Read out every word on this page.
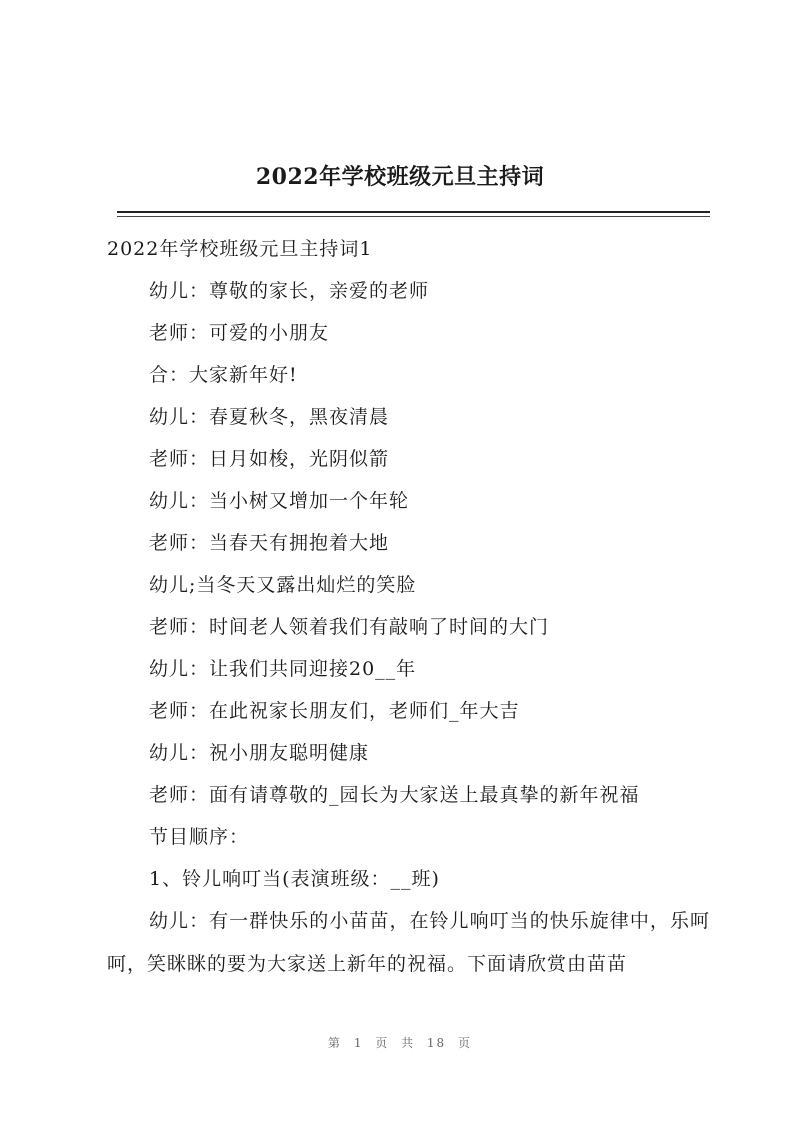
2022年学校班级元旦主持词
2022年学校班级元旦主持词1
幼儿：尊敬的家长，亲爱的老师
老师：可爱的小朋友
合：大家新年好!
幼儿：春夏秋冬，黑夜清晨
老师：日月如梭，光阴似箭
幼儿：当小树又增加一个年轮
老师：当春天有拥抱着大地
幼儿;当冬天又露出灿烂的笑脸
老师：时间老人领着我们有敲响了时间的大门
幼儿：让我们共同迎接20__年
老师：在此祝家长朋友们，老师们_年大吉
幼儿：祝小朋友聪明健康
老师：面有请尊敬的_园长为大家送上最真挚的新年祝福
节目顺序：
1、铃儿响叮当(表演班级：__班)
幼儿：有一群快乐的小苗苗，在铃儿响叮当的快乐旋律中，乐呵呵，笑眯眯的要为大家送上新年的祝福。下面请欣赏由苗苗
第 1 页 共 18 页
